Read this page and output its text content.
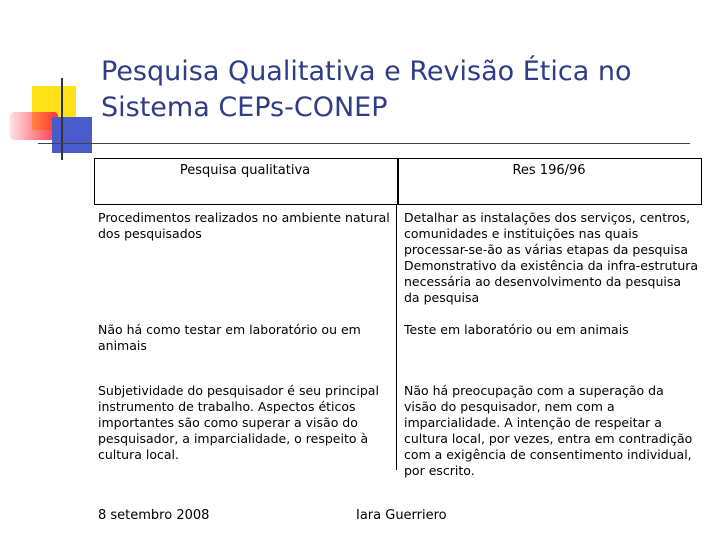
Pesquisa Qualitativa e Revisão Ética no Sistema CEPs-CONEP
Pesquisa qualitativa	Res 196/96
Procedimentos realizados no ambiente natural dos pesquisados
Detalhar as instalações dos serviços, centros, comunidades e instituições nas quais processar-se-ão as várias etapas da pesquisa Demonstrativo da existência da infra-estrutura necessária ao desenvolvimento da pesquisa da pesquisa
Não há como testar em laboratório ou em animais
Teste em laboratório ou em animais
Subjetividade do pesquisador é seu principal instrumento de trabalho. Aspectos éticos importantes são como superar a visão do pesquisador, a imparcialidade, o respeito à cultura local.
Não há preocupação com a superação da visão do pesquisador, nem com a imparcialidade. A intenção de respeitar a cultura local, por vezes, entra em contradição com a exigência de consentimento individual, por escrito.
8 setembro 2008	Iara Guerriero
